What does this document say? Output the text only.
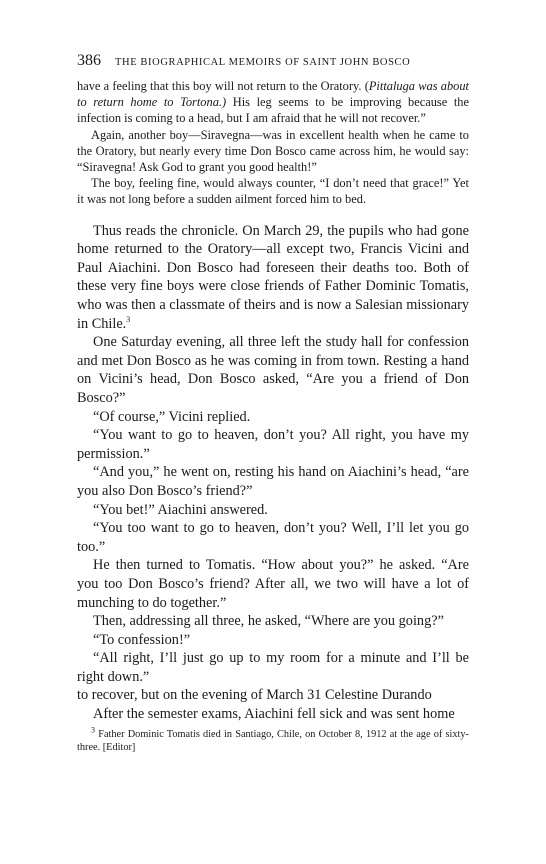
386 THE BIOGRAPHICAL MEMOIRS OF SAINT JOHN BOSCO

have a feeling that this boy will not return to the Oratory. (Pittaluga was about to return home to Tortona.) His leg seems to be improving because the infection is coming to a head, but I am afraid that he will not recover.”

Again, another boy—Siravegna—was in excellent health when he came to the Oratory, but nearly every time Don Bosco came across him, he would say: “Siravegna! Ask God to grant you good health!”

The boy, feeling fine, would always counter, “I don’t need that grace!” Yet it was not long before a sudden ailment forced him to bed.

Thus reads the chronicle. On March 29, the pupils who had gone home returned to the Oratory—all except two, Francis Vicini and Paul Aiachini. Don Bosco had foreseen their deaths too. Both of these very fine boys were close friends of Father Dominic Tomatis, who was then a classmate of theirs and is now a Salesian missionary in Chile.$^3$

One Saturday evening, all three left the study hall for confession and met Don Bosco as he was coming in from town. Resting a hand on Vicini’s head, Don Bosco asked, “Are you a friend of Don Bosco?”

“Of course,” Vicini replied.

“You want to go to heaven, don’t you? All right, you have my permission.”

“And you,” he went on, resting his hand on Aiachini’s head, “are you also Don Bosco’s friend?”

“You bet!” Aiachini answered.

“You too want to go to heaven, don’t you? Well, I’ll let you go too.”

He then turned to Tomatis. “How about you?” he asked. “Are you too Don Bosco’s friend? After all, we two will have a lot of munching to do together.”

Then, addressing all three, he asked, “Where are you going?”

“To confession!”

“All right, I’ll just go up to my room for a minute and I’ll be right down.”

to recover, but on the evening of March 31 Celestine Durando

After the semester exams, Aiachini fell sick and was sent home

$^3$ Father Dominic Tomatis died in Santiago, Chile, on October 8, 1912 at the age of sixty-three. [Editor]
